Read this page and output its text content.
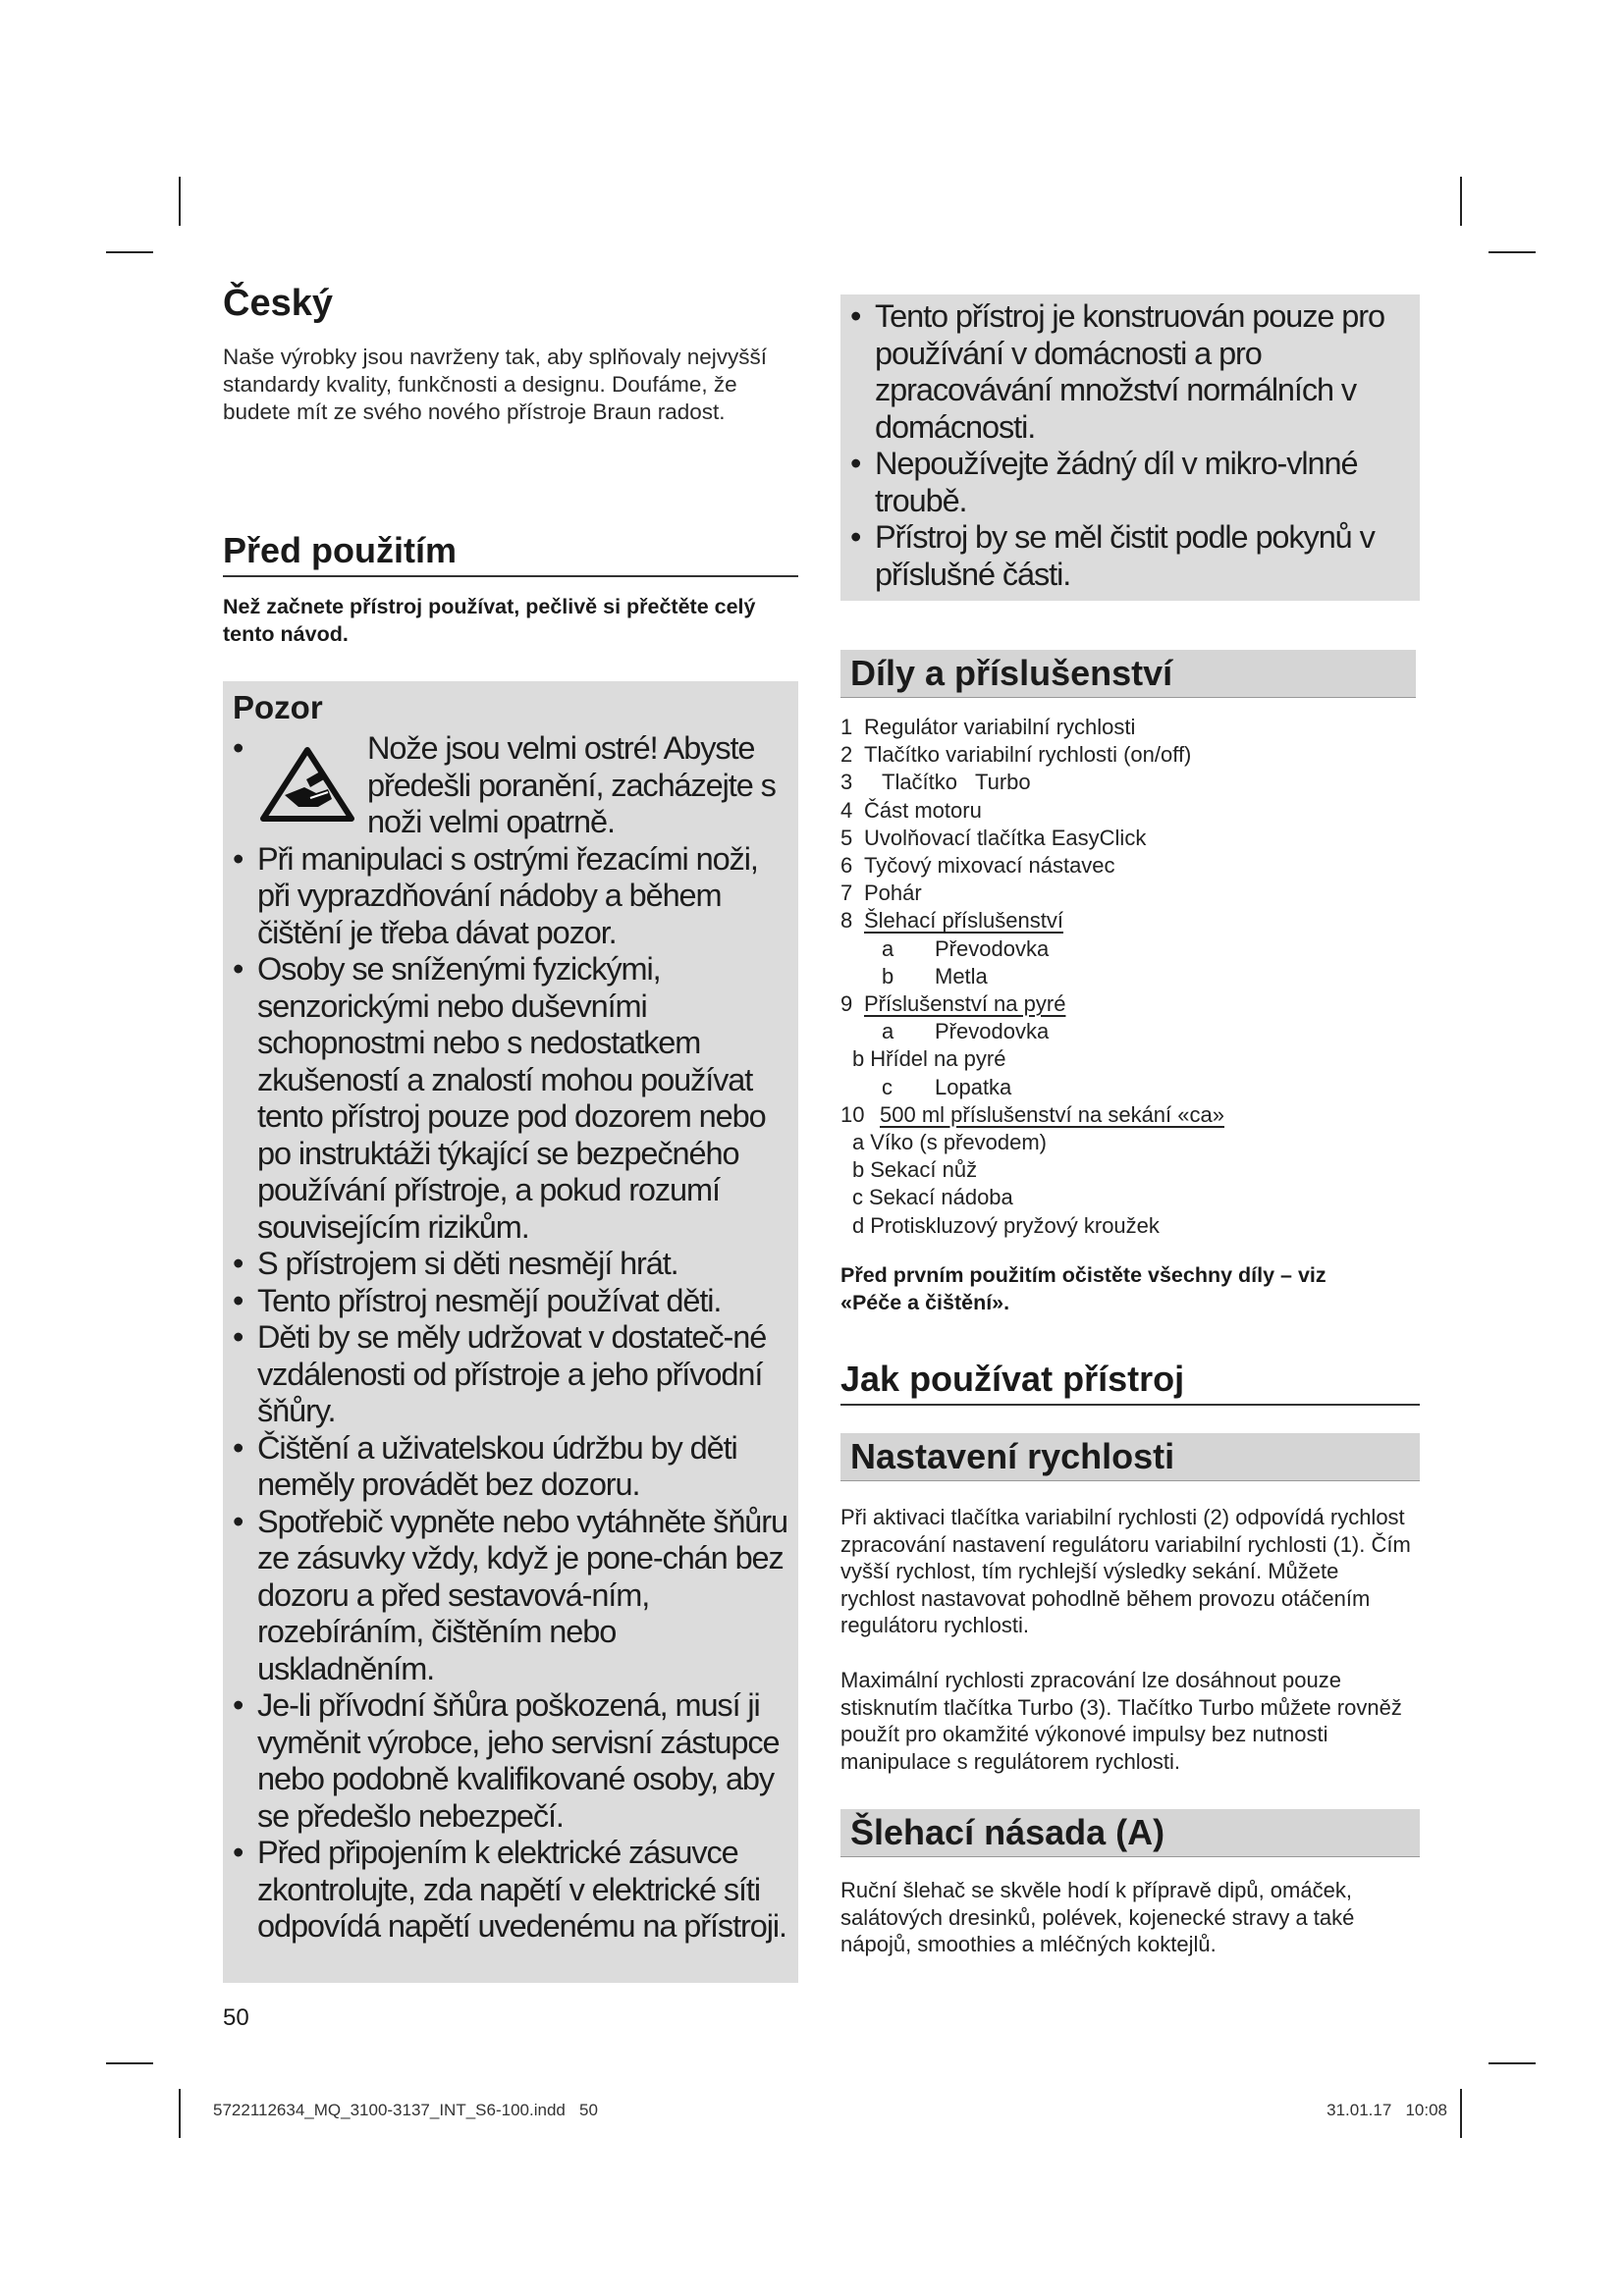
Český

Naše výrobky jsou navrženy tak, aby splňovaly nejvyšší standardy kvality, funkčnosti a designu. Doufáme, že budete mít ze svého nového přístroje Braun radost.

Před použitím

Než začnete přístroj používat, pečlivě si přečtěte celý tento návod.

Pozor
• Nože jsou velmi ostré! Abyste předešli poranění, zacházejte s noži velmi opatrně.
• Při manipulaci s ostrými řezacími noži, při vyprazdňování nádoby a během čištění je třeba dávat pozor.
• Osoby se sníženými fyzickými, senzorickými nebo duševními schopnostmi nebo s nedostatkem zkušeností a znalostí mohou používat tento přístroj pouze pod dozorem nebo po instruktáži týkající se bezpečného používání přístroje, a pokud rozumí souvisejícím rizikům.
• S přístrojem si děti nesmějí hrát.
• Tento přístroj nesmějí používat děti.
• Děti by se měly udržovat v dostateč-né vzdálenosti od přístroje a jeho přívodní šňůry.
• Čištění a uživatelskou údržbu by děti neměly provádět bez dozoru.
• Spotřebič vypněte nebo vytáhněte šňůru ze zásuvky vždy, když je pone-chán bez dozoru a před sestavová-ním, rozebíráním, čištěním nebo uskladněním.
• Je-li přívodní šňůra poškozená, musí ji vyměnit výrobce, jeho servisní zástupce nebo podobně kvalifikované osoby, aby se předešlo nebezpečí.
• Před připojením k elektrické zásuvce zkontrolujte, zda napětí v elektrické síti odpovídá napětí uvedenému na přístroji.
• Tento přístroj je konstruován pouze pro používání v domácnosti a pro zpracovávání množství normálních v domácnosti.
• Nepoužívejte žádný díl v mikro-vlnné troubě.
• Přístroj by se měl čistit podle pokynů v příslušné části.
Díly a příslušenství
1 Regulátor variabilní rychlosti
2 Tlačítko variabilní rychlosti (on/off)
3 Tlačítko   Turbo
4 Část motoru
5 Uvolňovací tlačítka EasyClick
6 Tyčový mixovací nástavec
7 Pohár
8 Šlehací příslušenství
a Převodovka
b Metla
9 Příslušenství na pyré
a Převodovka
b Hřídel na pyré
c Lopatka
10 500 ml příslušenství na sekání «ca»
a Víko (s převodem)
b Sekací nůž
c Sekací nádoba
d Protiskluzový pryžový kroužek

Před prvním použitím očistěte všechny díly – viz «Péče a čištění».

Jak používat přístroj
Nastavení rychlosti

Při aktivaci tlačítka variabilní rychlosti (2) odpovídá rychlost zpracování nastavení regulátoru variabilní rychlosti (1). Čím vyšší rychlost, tím rychlejší výsledky sekání. Můžete rychlost nastavovat pohodlně během provozu otáčením regulátoru rychlosti.

Maximální rychlosti zpracování lze dosáhnout pouze stisknutím tlačítka Turbo (3). Tlačítko Turbo můžete rovněž použít pro okamžité výkonové impulsy bez nutnosti manipulace s regulátorem rychlosti.

Šlehací násada (A)

Ruční šlehač se skvěle hodí k přípravě dipů, omáček, salátových dresinků, polévek, kojenecké stravy a také nápojů, smoothies a mléčných koktejlů.

50

5722112634_MQ_3100-3137_INT_S6-100.indd   50	31.01.17   10:08
